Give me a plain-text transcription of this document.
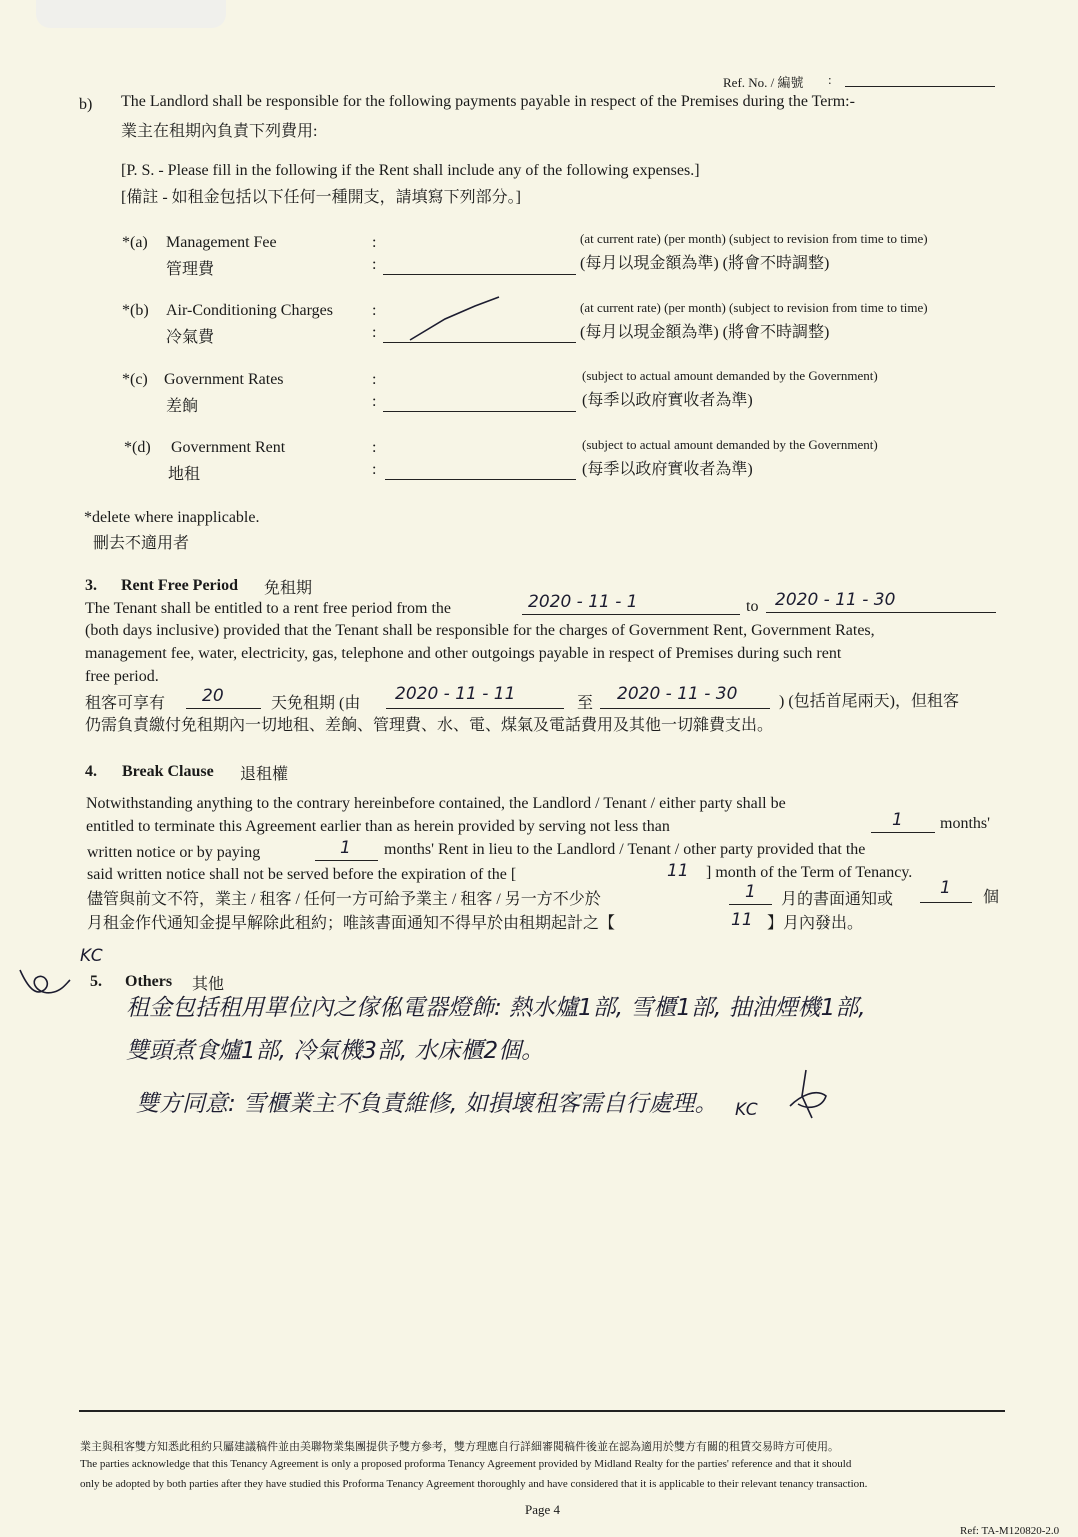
Ref. No. / 編號 :
b) The Landlord shall be responsible for the following payments payable in respect of the Premises during the Term:-
業主在租期內負責下列費用:
[P. S. - Please fill in the following if the Rent shall include any of the following expenses.]
[備註 - 如租金包括以下任何一種開支，請填寫下列部分。]
*(a) Management Fee
管理費
:
:
(at current rate) (per month) (subject to revision from time to time)
(每月以現金額為準) (將會不時調整)
*(b) Air-Conditioning Charges
冷氣費
:
:
(at current rate) (per month) (subject to revision from time to time)
(每月以現金額為準) (將會不時調整)
*(c) Government Rates
差餉
:
:
(subject to actual amount demanded by the Government)
(每季以政府實收者為準)
*(d) Government Rent
地租
:
:
(subject to actual amount demanded by the Government)
(每季以政府實收者為準)
*delete where inapplicable.
刪去不適用者
3. Rent Free Period 免租期
The Tenant shall be entitled to a rent free period from the	2020 - 11 - 1	to 2020 - 11 - 30
(both days inclusive) provided that the Tenant shall be responsible for the charges of Government Rent, Government Rates,
management fee, water, electricity, gas, telephone and other outgoings payable in respect of Premises during such rent
free period.
租客可享有 20	天免租期 (由 2020 - 11 - 11	至 2020 - 11 - 30	) (包括首尾兩天)，但租客
仍需負責繳付免租期內一切地租、差餉、管理費、水、電、煤氣及電話費用及其他一切雜費支出。
4. Break Clause 退租權
Notwithstanding anything to the contrary hereinbefore contained, the Landlord / Tenant / either party shall be
entitled to terminate this Agreement earlier than as herein provided by serving not less than	1 months'
written notice or by paying	1 months' Rent in lieu to the Landlord / Tenant / other party provided that the
said written notice shall not be served before the expiration of the [	11 ] month of the Term of Tenancy.
儘管與前文不符，業主 / 租客 / 任何一方可給予業主 / 租客 / 另一方不少於	1 月的書面通知或
1 個
月租金作代通知金提早解除此租約；唯該書面通知不得早於由租期起計之【	11 】月內發出。
KC
5. Others 其他
租金包括租用單位內之傢俬電器燈飾: 熱水爐1部, 雪櫃1部, 抽油煙機1部,
雙頭煮食爐1部, 冷氣機3部, 水床櫃2個。
雙方同意: 雪櫃業主不負責維修, 如損壞租客需自行處理。 KC
業主與租客雙方知悉此租約只屬建議稿件並由美聯物業集團提供予雙方參考，雙方理應自行詳細審閱稿件後並在認為適用於雙方有關的租賃交易時方可使用。
The parties acknowledge that this Tenancy Agreement is only a proposed proforma Tenancy Agreement provided by Midland Realty for the parties' reference and that it should
only be adopted by both parties after they have studied this Proforma Tenancy Agreement thoroughly and have considered that it is applicable to their relevant tenancy transaction.
Page 4
Ref: TA-M120820-2.0
